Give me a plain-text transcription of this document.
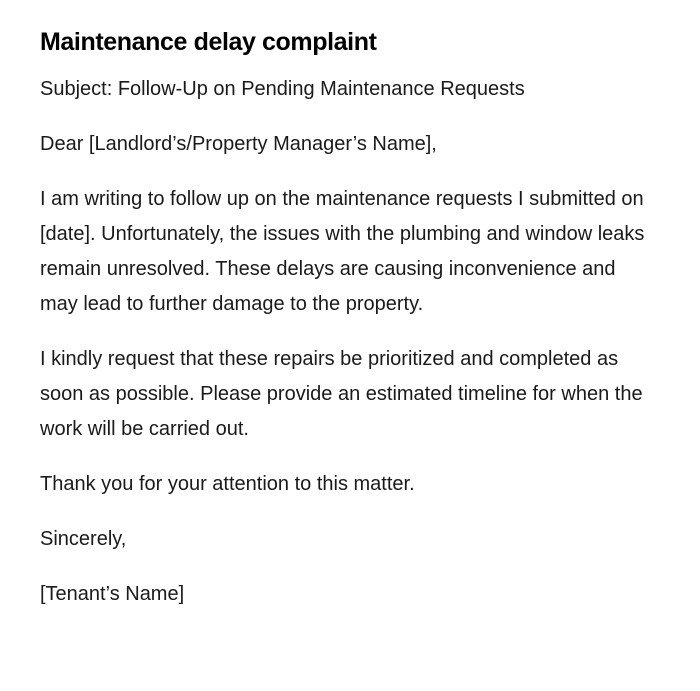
Maintenance delay complaint

Subject: Follow-Up on Pending Maintenance Requests

Dear [Landlord’s/Property Manager’s Name],

I am writing to follow up on the maintenance requests I submitted on [date]. Unfortunately, the issues with the plumbing and window leaks remain unresolved. These delays are causing inconvenience and may lead to further damage to the property.

I kindly request that these repairs be prioritized and completed as soon as possible. Please provide an estimated timeline for when the work will be carried out.

Thank you for your attention to this matter.

Sincerely,

[Tenant’s Name]
